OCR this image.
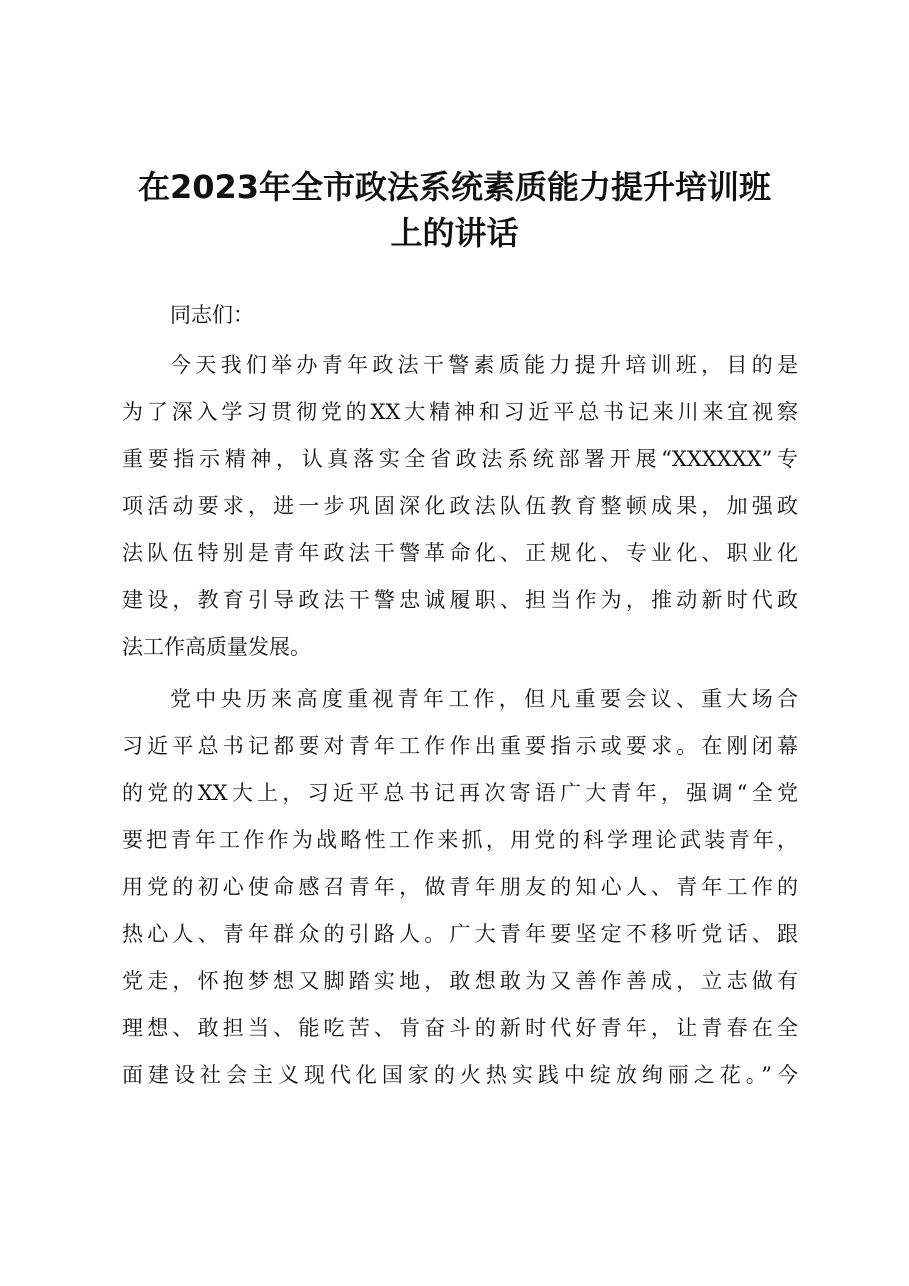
在2023年全市政法系统素质能力提升培训班
上的讲话

同志们：

今天我们举办青年政法干警素质能力提升培训班，目的是

为了深入学习贯彻党的XX大精神和习近平总书记来川来宜视察

重要指示精神，认真落实全省政法系统部署开展“XXXXXX”专

项活动要求，进一步巩固深化政法队伍教育整顿成果，加强政

法队伍特别是青年政法干警革命化、正规化、专业化、职业化

建设，教育引导政法干警忠诚履职、担当作为，推动新时代政

法工作高质量发展。

党中央历来高度重视青年工作，但凡重要会议、重大场合

习近平总书记都要对青年工作作出重要指示或要求。在刚闭幕

的党的XX大上，习近平总书记再次寄语广大青年，强调“全党

要把青年工作作为战略性工作来抓，用党的科学理论武装青年，

用党的初心使命感召青年，做青年朋友的知心人、青年工作的

热心人、青年群众的引路人。广大青年要坚定不移听党话、跟

党走，怀抱梦想又脚踏实地，敢想敢为又善作善成，立志做有

理想、敢担当、能吃苦、肯奋斗的新时代好青年，让青春在全

面建设社会主义现代化国家的火热实践中绽放绚丽之花。”今
